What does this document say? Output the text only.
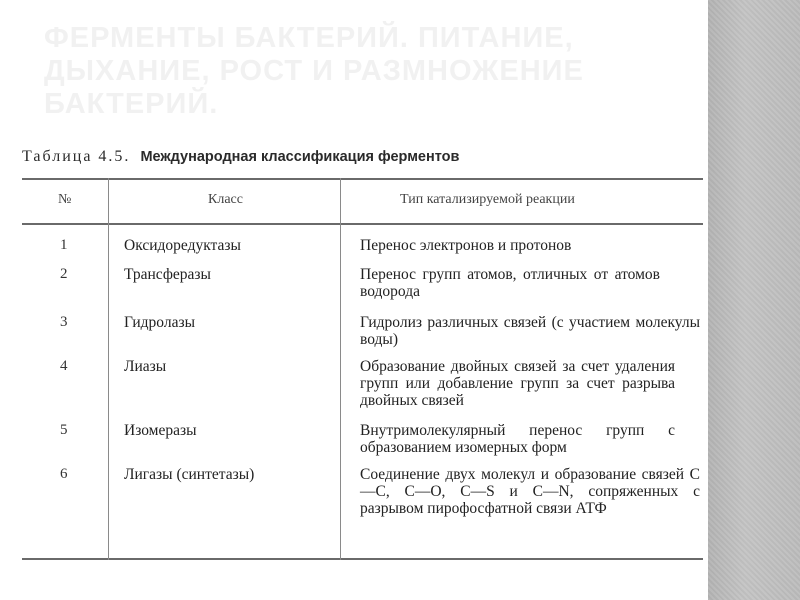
ФЕРМЕНТЫ БАКТЕРИЙ. ПИТАНИЕ, ДЫХАНИЕ, РОСТ И РАЗМНОЖЕНИЕ БАКТЕРИЙ.
Таблица 4.5. Международная классификация ферментов
№	Класс	Тип катализируемой реакции
1	Оксидоредуктазы	Перенос электронов и протонов
2	Трансферазы	Перенос групп атомов, отличных от атомов водорода
3	Гидролазы	Гидролиз различных связей (с участием молекулы воды)
4	Лиазы	Образование двойных связей за счет удаления групп или добавление групп за счет разрыва двойных связей
5	Изомеразы	Внутримолекулярный перенос групп с образованием изомерных форм
6	Лигазы (синтетазы)	Соединение двух молекул и образование связей С—С, С—О, С—S и С—N, сопряженных с разрывом пирофосфатной связи АТФ
